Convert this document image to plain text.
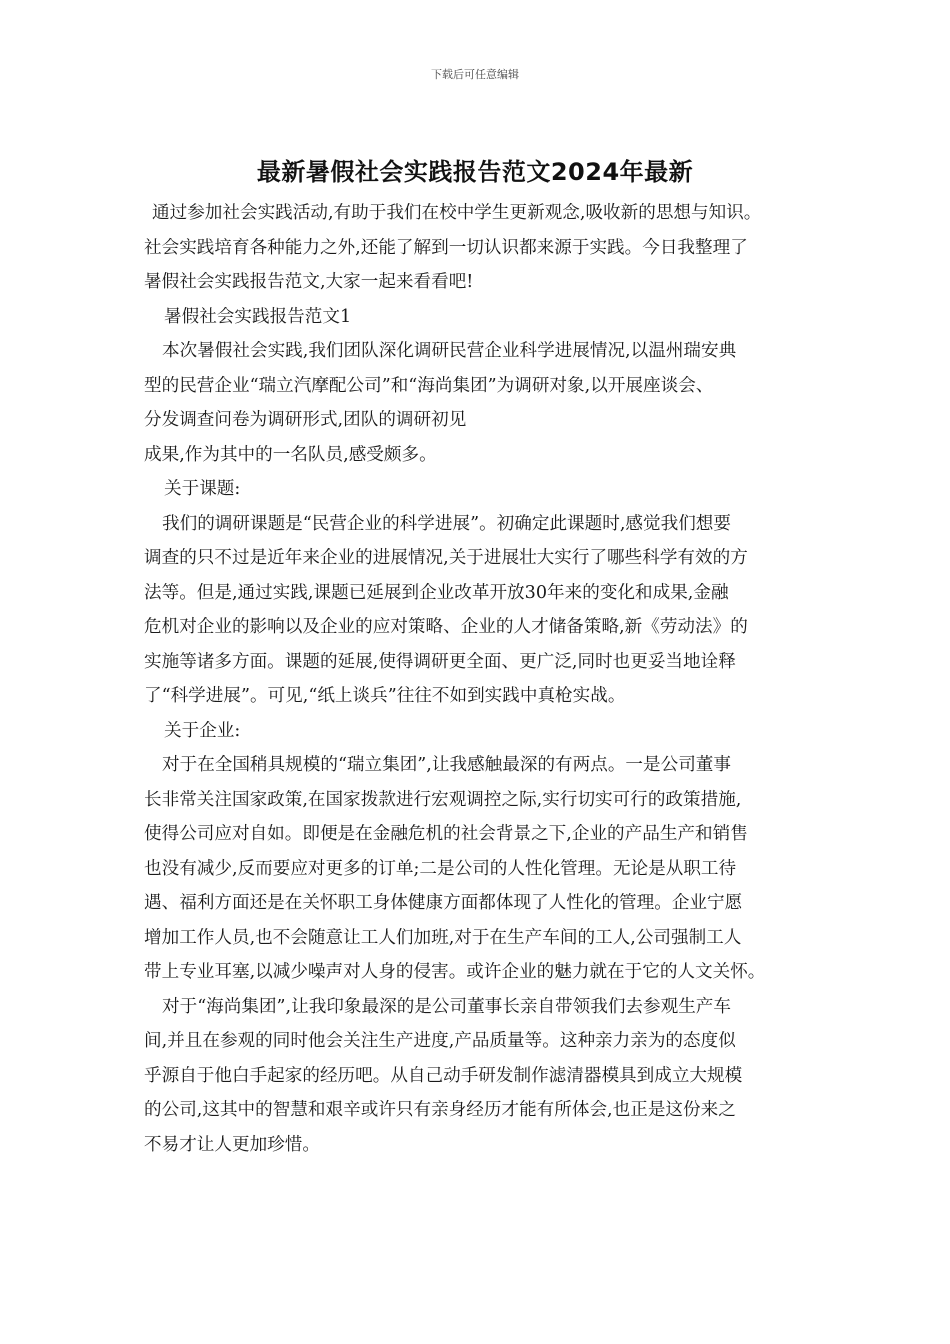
下载后可任意编辑
最新暑假社会实践报告范文2024年最新
通过参加社会实践活动,有助于我们在校中学生更新观念,吸收新的思想与知识。
社会实践培育各种能力之外,还能了解到一切认识都来源于实践。今日我整理了
暑假社会实践报告范文,大家一起来看看吧!
暑假社会实践报告范文1
本次暑假社会实践,我们团队深化调研民营企业科学进展情况,以温州瑞安典
型的民营企业“瑞立汽摩配公司”和“海尚集团”为调研对象,以开展座谈会、
分发调查问卷为调研形式,团队的调研初见
成果,作为其中的一名队员,感受颇多。
关于课题:
我们的调研课题是“民营企业的科学进展”。初确定此课题时,感觉我们想要
调查的只不过是近年来企业的进展情况,关于进展壮大实行了哪些科学有效的方
法等。但是,通过实践,课题已延展到企业改革开放30年来的变化和成果,金融
危机对企业的影响以及企业的应对策略、企业的人才储备策略,新《劳动法》的
实施等诸多方面。课题的延展,使得调研更全面、更广泛,同时也更妥当地诠释
了“科学进展”。可见,“纸上谈兵”往往不如到实践中真枪实战。
关于企业:
对于在全国稍具规模的“瑞立集团”,让我感触最深的有两点。一是公司董事
长非常关注国家政策,在国家拨款进行宏观调控之际,实行切实可行的政策措施,
使得公司应对自如。即便是在金融危机的社会背景之下,企业的产品生产和销售
也没有减少,反而要应对更多的订单;二是公司的人性化管理。无论是从职工待
遇、福利方面还是在关怀职工身体健康方面都体现了人性化的管理。企业宁愿
增加工作人员,也不会随意让工人们加班,对于在生产车间的工人,公司强制工人
带上专业耳塞,以减少噪声对人身的侵害。或许企业的魅力就在于它的人文关怀。
对于“海尚集团”,让我印象最深的是公司董事长亲自带领我们去参观生产车
间,并且在参观的同时他会关注生产进度,产品质量等。这种亲力亲为的态度似
乎源自于他白手起家的经历吧。从自己动手研发制作滤清器模具到成立大规模
的公司,这其中的智慧和艰辛或许只有亲身经历才能有所体会,也正是这份来之
不易才让人更加珍惜。
